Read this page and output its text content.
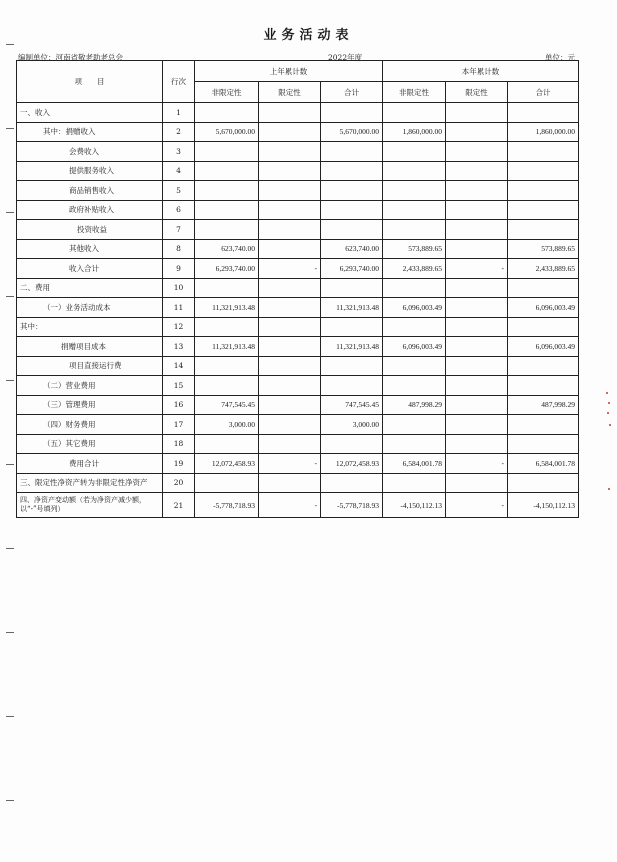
业务活动表
编制单位：河南省敬老助老总会	2022年度	单位：元
项　　目	行次	上年累计数			本年累计数		
		非限定性	限定性	合计	非限定性	限定性	合计
一、收入	1						
其中：捐赠收入	2	5,670,000.00		5,670,000.00	1,860,000.00		1,860,000.00
会费收入	3						
提供服务收入	4						
商品销售收入	5						
政府补贴收入	6						
投资收益	7						
其他收入	8	623,740.00		623,740.00	573,889.65		573,889.65
收入合计	9	6,293,740.00	-	6,293,740.00	2,433,889.65	-	2,433,889.65
二、费用	10						
（一）业务活动成本	11	11,321,913.48		11,321,913.48	6,096,003.49		6,096,003.49
其中：	12						
捐赠项目成本	13	11,321,913.48		11,321,913.48	6,096,003.49		6,096,003.49
项目直接运行费	14						
（二）营业费用	15						
（三）管理费用	16	747,545.45		747,545.45	487,998.29		487,998.29
（四）财务费用	17	3,000.00		3,000.00			
（五）其它费用	18						
费用合计	19	12,072,458.93	-	12,072,458.93	6,584,001.78	-	6,584,001.78
三、限定性净资产转为非限定性净资产	20						
四、净资产变动额（若为净资产减少额，以“-”号填列）	21	-5,778,718.93	-	-5,778,718.93	-4,150,112.13	-	-4,150,112.13
